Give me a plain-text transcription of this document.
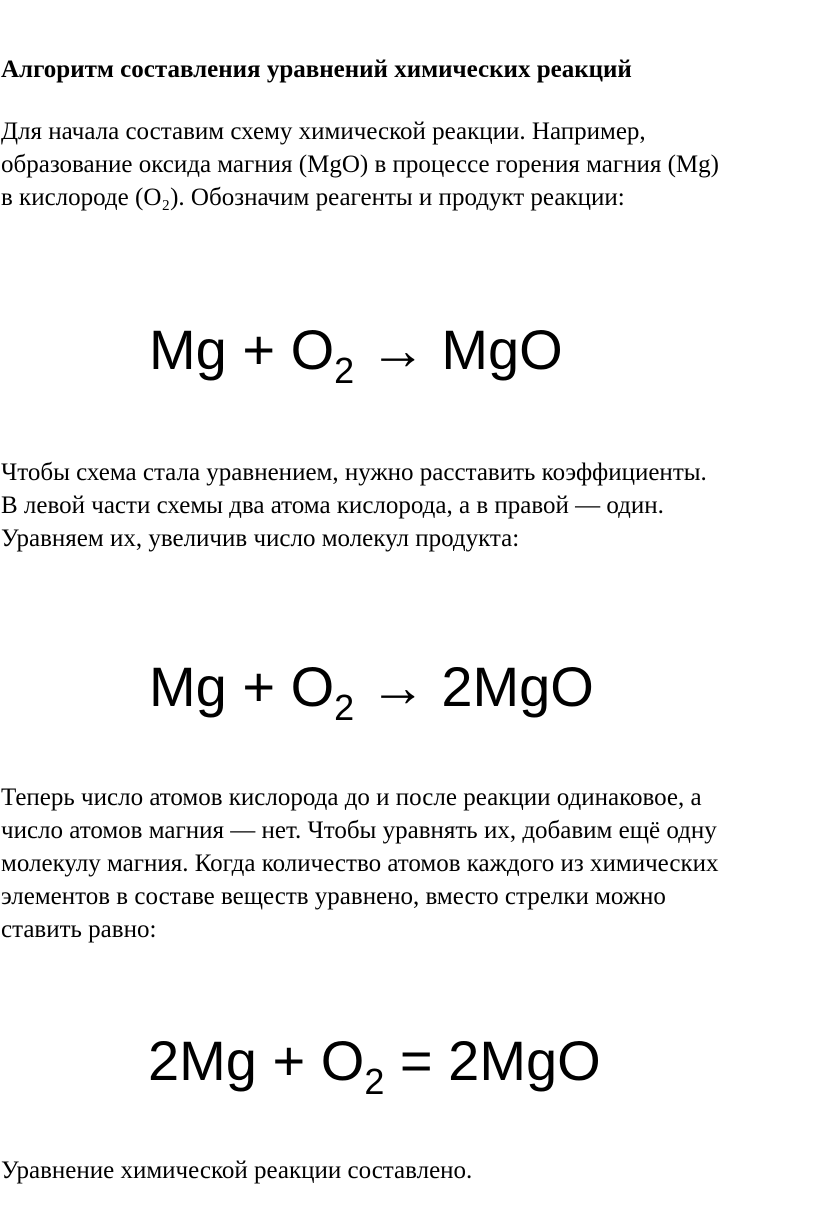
Алгоритм составления уравнений химических реакций
Для начала составим схему химической реакции. Например,
образование оксида магния (MgO) в процессе горения магния (Mg)
в кислороде (O₂). Обозначим реагенты и продукт реакции:
$Mg + O_2$ → MgO
Чтобы схема стала уравнением, нужно расставить коэффициенты.
В левой части схемы два атома кислорода, а в правой — один.
Уравняем их, увеличив число молекул продукта:
$Mg + O_2 \to 2MgO$
Теперь число атомов кислорода до и после реакции одинаковое, а
число атомов магния — нет. Чтобы уравнять их, добавим ещё одну
молекулу магния. Когда количество атомов каждого из химических
элементов в составе веществ уравнено, вместо стрелки можно
ставить равно:
$2Mg + O_2 = 2MgO$
Уравнение химической реакции составлено.
